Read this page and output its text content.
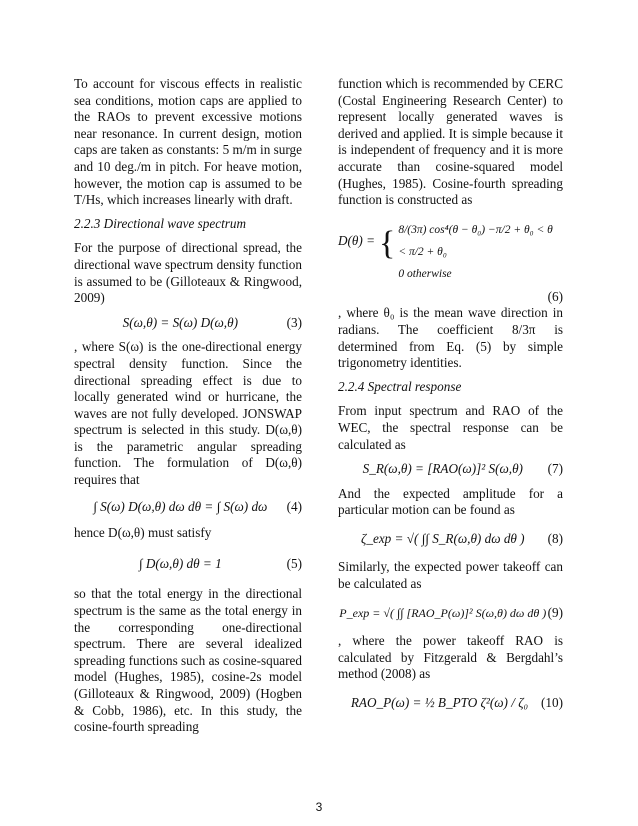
To account for viscous effects in realistic sea conditions, motion caps are applied to the RAOs to prevent excessive motions near resonance. In current design, motion caps are taken as constants: 5 m/m in surge and 10 deg./m in pitch. For heave motion, however, the motion cap is assumed to be T/Hs, which increases linearly with draft.

2.2.3 Directional wave spectrum

For the purpose of directional spread, the directional wave spectrum density function is assumed to be (Gilloteaux & Ringwood, 2009)

S(ω,θ) = S(ω) D(ω,θ)	(3)

, where S(ω) is the one-directional energy spectral density function. Since the directional spreading effect is due to locally generated wind or hurricane, the waves are not fully developed. JONSWAP spectrum is selected in this study. D(ω,θ) is the parametric angular spreading function. The formulation of D(ω,θ) requires that

∫ S(ω) D(ω,θ) dω dθ = ∫ S(ω) dω	(4)

hence D(ω,θ) must satisfy

∫ D(ω,θ) dθ = 1	(5)

so that the total energy in the directional spectrum is the same as the total energy in the corresponding one-directional spectrum. There are several idealized spreading functions such as cosine-squared model (Hughes, 1985), cosine-2s model (Gilloteaux & Ringwood, 2009) (Hogben & Cobb, 1986), etc. In this study, the cosine-fourth spreading

function which is recommended by CERC (Costal Engineering Research Center) to represent locally generated waves is derived and applied. It is simple because it is independent of frequency and it is more accurate than cosine-squared model (Hughes, 1985). Cosine-fourth spreading function is constructed as

D(θ) = { 8/(3π) cos⁴(θ − θ₀) −π/2 + θ₀ < θ < π/2 + θ₀
0 otherwise
(6)

, where θ₀ is the mean wave direction in radians. The coefficient 8/3π is determined from Eq. (5) by simple trigonometry identities.

2.2.4 Spectral response

From input spectrum and RAO of the WEC, the spectral response can be calculated as

S_R(ω,θ) = [RAO(ω)]² S(ω,θ)	(7)

And the expected amplitude for a particular motion can be found as

ζ_exp = √( ∫∫ S_R(ω,θ) dω dθ )	(8)

Similarly, the expected power takeoff can be calculated as

P_exp = √( ∫∫ [RAO_P(ω)]² S(ω,θ) dω dθ ) (9)

, where the power takeoff RAO is calculated by Fitzgerald & Bergdahl’s method (2008) as

RAO_P(ω) = ½ B_PTO ζ²(ω) / ζ₀ (10)
3
